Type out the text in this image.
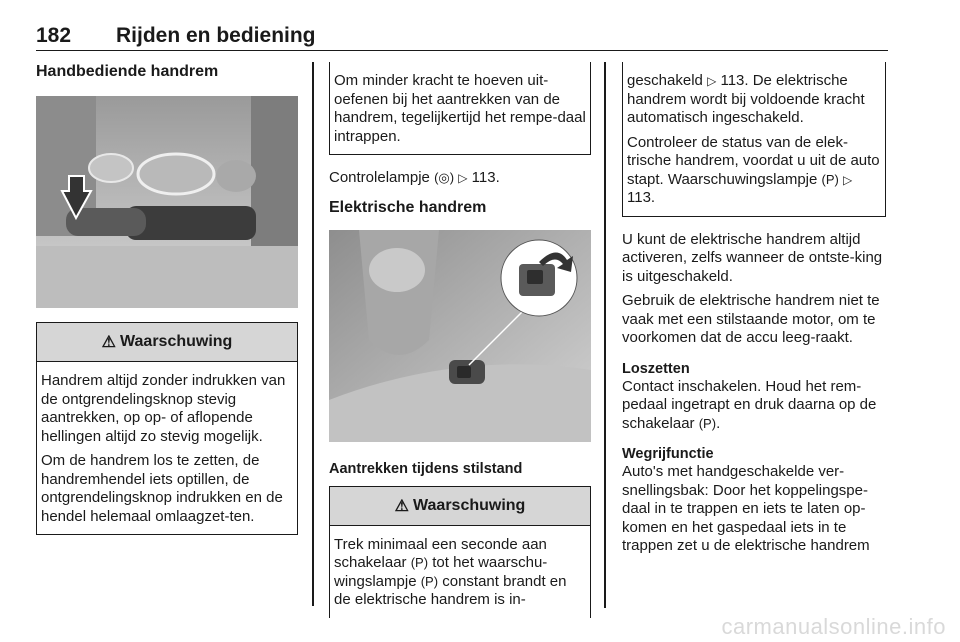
182 Rijden en bediening
Handbediende handrem
⚠ Waarschuwing

Handrem altijd zonder indrukken van de ontgrendelingsknop stevig aantrekken, op op- of aflopende hellingen altijd zo stevig mogelijk.

Om de handrem los te zetten, de handremhendel iets optillen, de ontgrendelingsknop indrukken en de hendel helemaal omlaagzet-ten.

Om minder kracht te hoeven uit-oefenen bij het aantrekken van de handrem, tegelijkertijd het rempe-daal intrappen.

Controlelampje (◎) ▷ 113.

Elektrische handrem
Aantrekken tijdens stilstand
⚠ Waarschuwing

Trek minimaal een seconde aan schakelaar (P) tot het waarschu-wingslampje (P) constant brandt en de elektrische handrem is in-

geschakeld ▷ 113. De elektrische handrem wordt bij voldoende kracht automatisch ingeschakeld.

Controleer de status van de elek-trische handrem, voordat u uit de auto stapt. Waarschuwingslampje (P) ▷ 113.

U kunt de elektrische handrem altijd activeren, zelfs wanneer de ontste-king is uitgeschakeld.

Gebruik de elektrische handrem niet te vaak met een stilstaande motor, om te voorkomen dat de accu leeg-raakt.

Loszetten

Contact inschakelen. Houd het rem-pedaal ingetrapt en druk daarna op de schakelaar (P).

Wegrijfunctie

Auto's met handgeschakelde ver-snellingsbak: Door het koppelingspe-daal in te trappen en iets te laten op-komen en het gaspedaal iets in te trappen zet u de elektrische handrem

carmanualsonline.info
